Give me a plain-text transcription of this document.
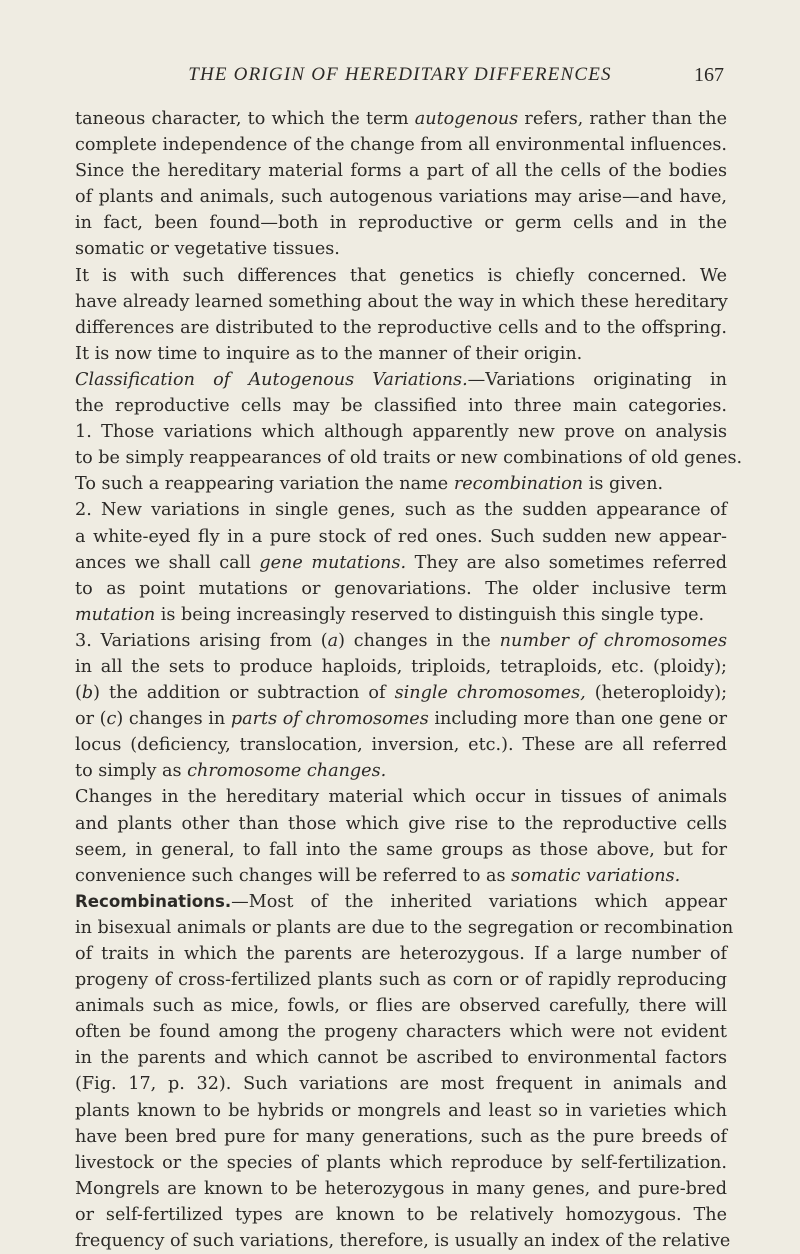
THE ORIGIN OF HEREDITARY DIFFERENCES	167
taneous character, to which the term autogenous refers, rather than the
complete independence of the change from all environmental influences.
Since the hereditary material forms a part of all the cells of the bodies
of plants and animals, such autogenous variations may arise—and have,
in fact, been found—both in reproductive or germ cells and in the
somatic or vegetative tissues.
It is with such differences that genetics is chiefly concerned. We
have already learned something about the way in which these hereditary
differences are distributed to the reproductive cells and to the offspring.
It is now time to inquire as to the manner of their origin.
Classification of Autogenous Variations.—Variations originating in
the reproductive cells may be classified into three main categories.
1. Those variations which although apparently new prove on analysis
to be simply reappearances of old traits or new combinations of old genes.
To such a reappearing variation the name recombination is given.
2. New variations in single genes, such as the sudden appearance of
a white-eyed fly in a pure stock of red ones. Such sudden new appear-
ances we shall call gene mutations. They are also sometimes referred
to as point mutations or genovariations. The older inclusive term
mutation is being increasingly reserved to distinguish this single type.
3. Variations arising from (a) changes in the number of chromosomes
in all the sets to produce haploids, triploids, tetraploids, etc. (ploidy);
(b) the addition or subtraction of single chromosomes, (heteroploidy);
or (c) changes in parts of chromosomes including more than one gene or
locus (deficiency, translocation, inversion, etc.). These are all referred
to simply as chromosome changes.
Changes in the hereditary material which occur in tissues of animals
and plants other than those which give rise to the reproductive cells
seem, in general, to fall into the same groups as those above, but for
convenience such changes will be referred to as somatic variations.
Recombinations.—Most of the inherited variations which appear
in bisexual animals or plants are due to the segregation or recombination
of traits in which the parents are heterozygous. If a large number of
progeny of cross-fertilized plants such as corn or of rapidly reproducing
animals such as mice, fowls, or flies are observed carefully, there will
often be found among the progeny characters which were not evident
in the parents and which cannot be ascribed to environmental factors
(Fig. 17, p. 32). Such variations are most frequent in animals and
plants known to be hybrids or mongrels and least so in varieties which
have been bred pure for many generations, such as the pure breeds of
livestock or the species of plants which reproduce by self-fertilization.
Mongrels are known to be heterozygous in many genes, and pure-bred
or self-fertilized types are known to be relatively homozygous. The
frequency of such variations, therefore, is usually an index of the relative
